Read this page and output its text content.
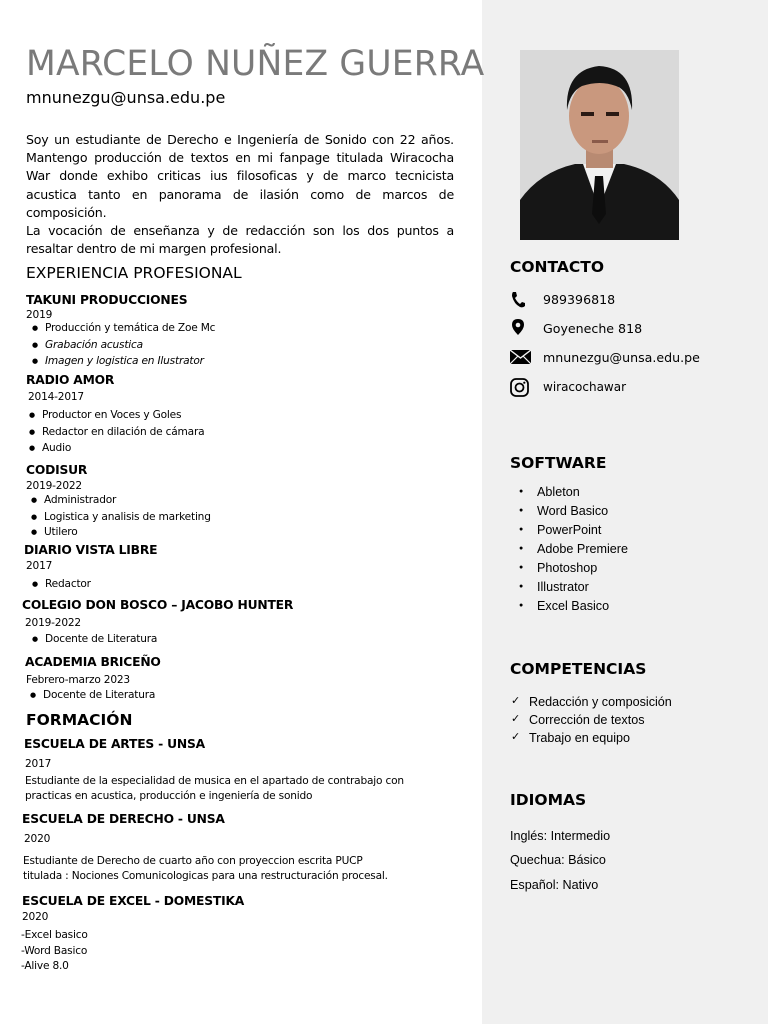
MARCELO NUÑEZ GUERRA
mnunezgu@unsa.edu.pe

Soy un estudiante de Derecho e Ingeniería de Sonido con 22 años. Mantengo producción de textos en mi fanpage titulada Wiracocha War donde exhibo criticas ius filosoficas y de marco tecnicista acustica tanto en panorama de ilasión como de marcos de composición.

La vocación de enseñanza y de redacción son los dos puntos a resaltar dentro de mi margen profesional.

EXPERIENCIA PROFESIONAL
TAKUNI PRODUCCIONES
2019
● Producción y temática de Zoe Mc
● Grabación acustica
● Imagen y logistica en Ilustrator
RADIO AMOR
2014-2017
● Productor en Voces y Goles
● Redactor en dilación de cámara
● Audio
CODISUR
2019-2022
● Administrador
● Logistica y analisis de marketing
● Utilero
DIARIO VISTA LIBRE
2017
● Redactor
COLEGIO DON BOSCO – JACOBO HUNTER
2019-2022
● Docente de Literatura
ACADEMIA BRICEÑO
Febrero-marzo 2023
● Docente de Literatura
FORMACIÓN
ESCUELA DE ARTES - UNSA
2017
Estudiante de la especialidad de musica en el apartado de contrabajo con
practicas en acustica, producción e ingeniería de sonido
ESCUELA DE DERECHO - UNSA
2020
Estudiante de Derecho de cuarto año con proyeccion escrita PUCP
titulada : Nociones Comunicologicas para una restructuración procesal.
ESCUELA DE EXCEL - DOMESTIKA
2020
-Excel basico
-Word Basico
-Alive 8.0
CONTACTO
989396818
Goyeneche 818
mnunezgu@unsa.edu.pe
wiracochawar
SOFTWARE
● Ableton
● Word Basico
● PowerPoint
● Adobe Premiere
● Photoshop
● Illustrator
● Excel Basico
COMPETENCIAS
✓ Redacción y composición
✓ Corrección de textos
✓ Trabajo en equipo
IDIOMAS
Inglés: Intermedio
Quechua: Básico
Español: Nativo
